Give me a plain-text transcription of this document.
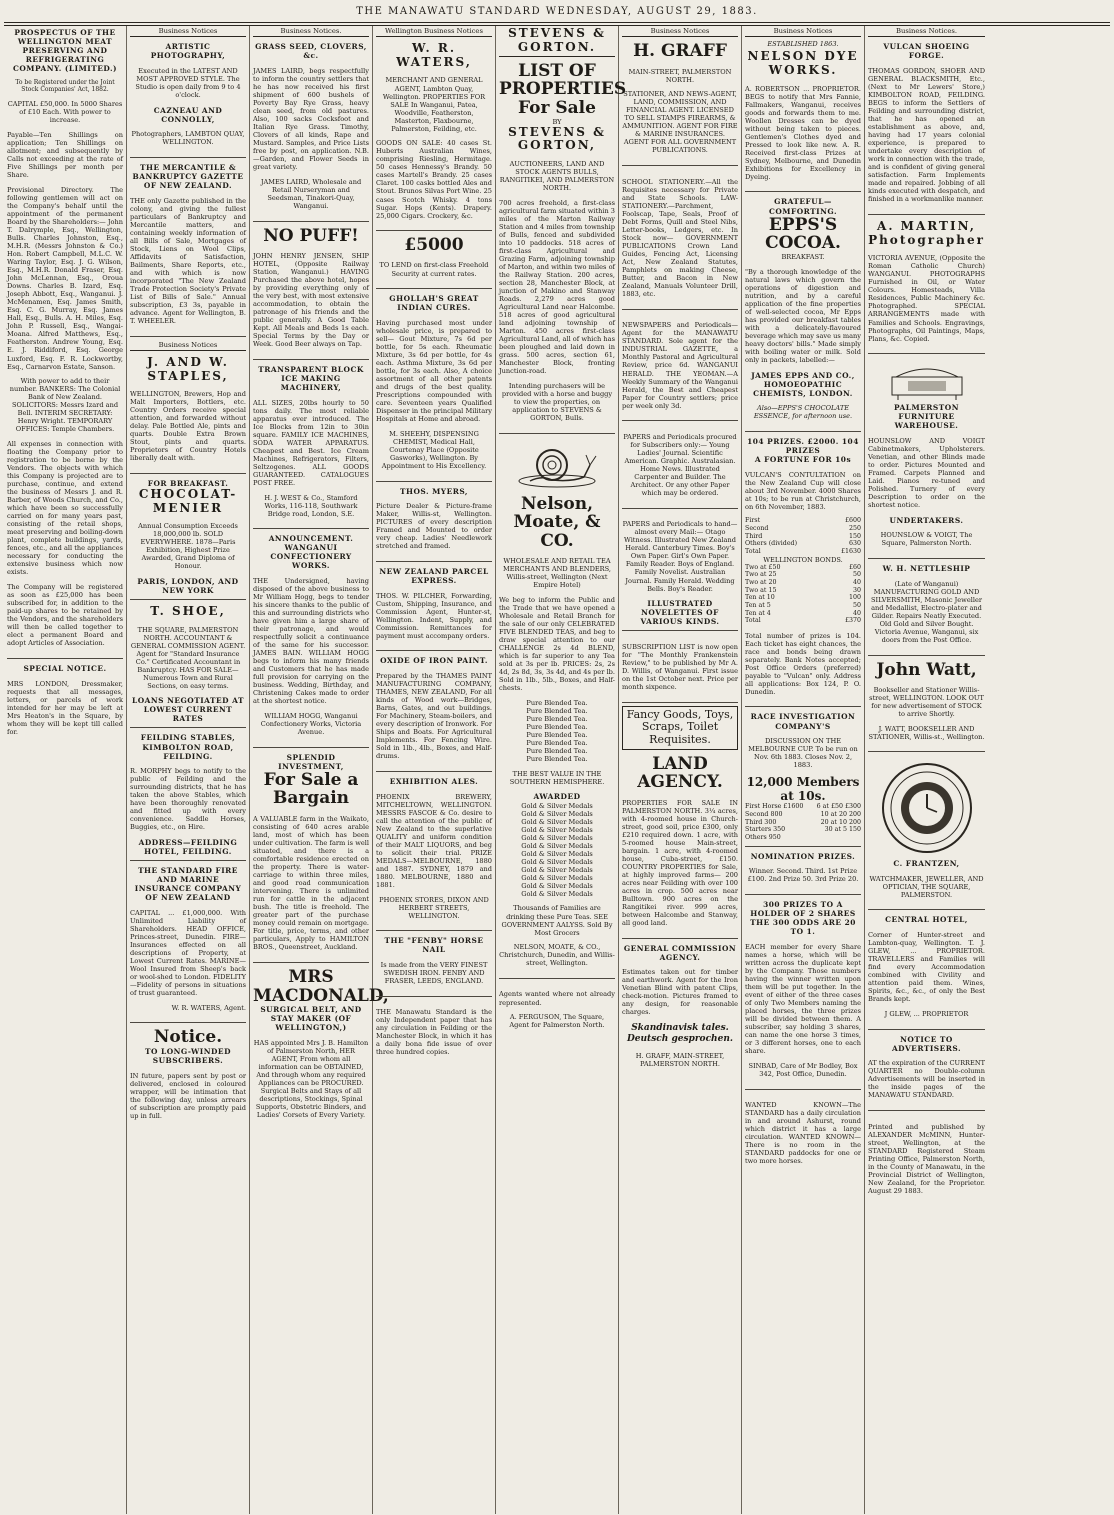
THE MANAWATU STANDARD WEDNESDAY, AUGUST 29, 1883.
PROSPECTUS OF THE WELLINGTON MEAT PRESERVING AND REFRIGERATING COMPANY. (LIMITED.)

To be Registered under the Joint Stock Companies' Act, 1882.

CAPITAL £50,000. In 5000 Shares of £10 Each. With power to increase.

Payable—Ten Shillings on application; Ten Shillings on allotment; and subsequently by Calls not exceeding at the rate of Five Shillings per month per Share.

Provisional Directory. The following gentlemen will act on the Company's behalf until the appointment of the permanent Board by the Shareholders:— John T. Dalrymple, Esq., Wellington, Bulls. Charles Johnston, Esq., M.H.R. (Messrs Johnston & Co.) Hon. Robert Campbell, M.L.C. W. Waring Taylor, Esq. J. G. Wilson, Esq., M.H.R. Donald Fraser, Esq. John McLennan, Esq., Oroua Downs. Charles B. Izard, Esq. Joseph Abbott, Esq., Wanganui. J. McMenamen, Esq. James Smith, Esq. C. G. Murray, Esq. James Hall, Esq., Bulls. A. H. Miles, Esq. John P. Russell, Esq., Wangai-Moana. Alfred Matthews, Esq., Featherston. Andrew Young, Esq. E. J. Riddiford, Esq. George Luxford, Esq. F. R. Lockwortby, Esq., Carnarvon Estate, Sanson.

With power to add to their number. BANKERS: The Colonial Bank of New Zealand. SOLICITORS: Messrs Izard and Bell. INTERIM SECRETARY: Henry Wright. TEMPORARY OFFICES: Temple Chambers.

All expenses in connection with floating the Company prior to registration to be borne by the Vendors. The objects with which this Company is projected are to purchase, continue, and extend the business of Messrs J. and R. Barber, of Woods Church, and Co., which have been so successfully carried on for many years past, consisting of the retail shops, meat preserving and boiling-down plant, complete buildings, yards, fences, etc., and all the appliances necessary for conducting the extensive business which now exists.

The Company will be registered as soon as £25,000 has been subscribed for, in addition to the paid-up shares to be retained by the Vendors, and the shareholders will then be called together to elect a permanent Board and adopt Articles of Association.

SPECIAL NOTICE.

MRS LONDON, Dressmaker, requests that all messages, letters, or parcels of work intended for her may be left at Mrs Heaton's in the Square, by whom they will be kept till called for.

Business Notices
ARTISTIC PHOTOGRAPHY,

Executed in the LATEST AND MOST APPROVED STYLE. The Studio is open daily from 9 to 4 o'clock.

CAZNEAU AND CONNOLLY,

Photographers, LAMBTON QUAY, WELLINGTON.

THE MERCANTILE & BANKRUPTCY GAZETTE OF NEW ZEALAND.

THE only Gazette published in the colony, and giving the fullest particulars of Bankruptcy and Mercantile matters, and containing weekly information of all Bills of Sale, Mortgages of Stock, Liens on Wool Clips, Affidavits of Satisfaction, Bailments, Share Reports, etc., and with which is now incorporated "The New Zealand Trade Protection Society's Private List of Bills of Sale." Annual subscription, £3 3s, payable in advance. Agent for Wellington, B. T. WHEELER.

Business Notices
J. AND W. STAPLES,

WELLINGTON, Brewers, Hop and Malt Importers, Bottlers, etc. Country Orders receive special attention, and forwarded without delay. Pale Bottled Ale, pints and quarts. Double Extra Brown Stout, pints and quarts. Proprietors of Country Hotels liberally dealt with.

FOR BREAKFAST.
CHOCOLAT-MENIER

Annual Consumption Exceeds 18,000,000 lb. SOLD EVERYWHERE. 1878—Paris Exhibition, Highest Prize Awarded, Grand Diploma of Honour.

PARIS, LONDON, AND NEW YORK
T. SHOE,

THE SQUARE, PALMERSTON NORTH. ACCOUNTANT & GENERAL COMMISSION AGENT. Agent for "Standard Insurance Co." Certificated Accountant in Bankruptcy. HAS FOR SALE—Numerous Town and Rural Sections, on easy terms.

LOANS NEGOTIATED AT LOWEST CURRENT RATES
FEILDING STABLES, KIMBOLTON ROAD, FEILDING.

R. MORPHY begs to notify to the public of Feilding and the surrounding districts, that he has taken the above Stables, which have been thoroughly renovated and fitted up with every convenience. Saddle Horses, Buggies, etc., on Hire.

ADDRESS—FEILDING HOTEL, FEILDING.
THE STANDARD FIRE AND MARINE INSURANCE COMPANY OF NEW ZEALAND

CAPITAL ... £1,000,000. With Unlimited Liability of Shareholders. HEAD OFFICE, Princes-street, Dunedin. FIRE—Insurances effected on all descriptions of Property, at Lowest Current Rates. MARINE—Wool Insured from Sheep's back or wool-shed to London. FIDELITY—Fidelity of persons in situations of trust guaranteed.

W. R. WATERS, Agent.

Notice.
TO LONG-WINDED SUBSCRIBERS.

IN future, papers sent by post or delivered, enclosed in coloured wrapper, will be intimation that the following day, unless arrears of subscription are promptly paid up in full.

Business Notices.
GRASS SEED, CLOVERS, &c.

JAMES LAIRD, begs respectfully to inform the country settlers that he has now received his first shipment of 600 bushels of Poverty Bay Rye Grass, heavy clean seed, from old pastures. Also, 100 sacks Cocksfoot and Italian Rye Grass. Timothy, Clovers of all kinds, Rape and Mustard. Samples, and Price Lists free by post, on application. N.B.—Garden, and Flower Seeds in great variety.

JAMES LAIRD, Wholesale and Retail Nurseryman and Seedsman, Tinakori-Quay, Wanganui.

NO PUFF!

JOHN HENRY JENSEN, SHIP HOTEL, (Opposite Railway Station, Wanganui.) HAVING Purchased the above hotel, hopes by providing everything only of the very best, with most extensive accommodation, to obtain the patronage of his friends and the public generally. A Good Table Kept. All Meals and Beds 1s each. Special Terms by the Day or Week. Good Beer always on Tap.

TRANSPARENT BLOCK ICE MAKING MACHINERY,

ALL SIZES, 20lbs hourly to 50 tons daily. The most reliable apparatus ever introduced. The Ice Blocks from 12in to 30in square. FAMILY ICE MACHINES, SODA WATER APPARATUS. Cheapest and Best. Ice Cream Machines, Refrigerators, Filters, Seltzogenes. ALL GOODS GUARANTEED. CATALOGUES POST FREE.

H. J. WEST & Co., Stamford Works, 116-118, Southwark Bridge road, London, S.E.

ANNOUNCEMENT.
WANGANUI CONFECTIONERY WORKS.

THE Undersigned, having disposed of the above business to Mr William Hogg, begs to tender his sincere thanks to the public of this and surrounding districts who have given him a large share of their patronage, and would respectfully solicit a continuance of the same for his successor. JAMES BAIN. WILLIAM HOGG begs to inform his many friends and Customers that he has made full provision for carrying on the business. Wedding, Birthday, and Christening Cakes made to order at the shortest notice.

WILLIAM HOGG, Wanganui Confectionery Works, Victoria Avenue.

SPLENDID INVESTMENT,
For Sale a Bargain

A VALUABLE farm in the Waikato, consisting of 640 acres arable land, most of which has been under cultivation. The farm is well situated, and there is a comfortable residence erected on the property. There is water-carriage to within three miles, and good road communication intervening. There is unlimited run for cattle in the adjacent bush. The title is freehold. The greater part of the purchase money could remain on mortgage. For title, price, terms, and other particulars, Apply to HAMILTON BROS., Queenstreet, Auckland.

MRS MACDONALD,
SURGICAL BELT, AND STAY MAKER (OF WELLINGTON,)

HAS appointed Mrs J. B. Hamilton of Palmerston North, HER AGENT, From whom all information can be OBTAINED, And through whom any required Appliances can be PROCURED. Surgical Belts and Stays of all descriptions, Stockings, Spinal Supports, Obstetric Binders, and Ladies' Corsets of Every Variety.

Wellington Business Notices
W. R. WATERS,

MERCHANT AND GENERAL AGENT, Lambton Quay, Wellington. PROPERTIES FOR SALE In Wanganui, Patea, Woodville, Featherston, Masterton, Flaxbourne, Palmerston, Feilding, etc.

GOODS ON SALE: 40 cases St. Huberts Australian Wines, comprising Riesling, Hermitage. 50 cases Hennessy's Brandy. 50 cases Martell's Brandy. 25 cases Claret. 100 casks bottled Ales and Stout. Brunos Silvas Port Wine. 25 cases Scotch Whisky. 4 tons Sugar. Hops (Kents). Drapery. 25,000 Cigars. Crockery, &c.

£5000

TO LEND on first-class Freehold Security at current rates.

GHOLLAH'S GREAT INDIAN CURES.

Having purchased most under wholesale price, is prepared to sell— Gout Mixture, 7s 6d per bottle, for 5s each. Rheumatic Mixture, 3s 6d per bottle, for 4s each. Asthma Mixture, 3s 6d per bottle, for 3s each. Also, A choice assortment of all other patents and drugs of the best quality. Prescriptions compounded with care. Seventeen years Qualified Dispenser in the principal Military Hospitals at Home and abroad.

M. SHEEHY, DISPENSING CHEMIST, Medical Hall, Courtenay Place (Opposite Gasworks), Wellington. By Appointment to His Excellency.

THOS. MYERS,

Picture Dealer & Picture-frame Maker, Willis-st, Wellington. PICTURES of every description Framed and Mounted to order very cheap. Ladies' Needlework stretched and framed.

NEW ZEALAND PARCEL EXPRESS.

THOS. W. PILCHER, Forwarding, Custom, Shipping, Insurance, and Commission Agent, Hunter-st, Wellington. Indent, Supply, and Commission. Remittances for payment must accompany orders.

OXIDE OF IRON PAINT.

Prepared by the THAMES PAINT MANUFACTURING COMPANY, THAMES, NEW ZEALAND, For all kinds of Wood work—Bridges, Barns, Gates, and out buildings. For Machinery, Steam-boilers, and every description of Ironwork. For Ships and Boats. For Agricultural Implements. For Fencing Wire. Sold in 1lb., 4lb., Boxes, and Half-drums.

EXHIBITION ALES.

PHOENIX BREWERY, MITCHELTOWN, WELLINGTON. MESSRS FASCOE & Co. desire to call the attention of the public of New Zealand to the superlative QUALITY and uniform condition of their MALT LIQUORS, and beg to solicit their trial. PRIZE MEDALS—MELBOURNE, 1880 and 1887. SYDNEY, 1879 and 1880. MELBOURNE, 1880 and 1881.

PHOENIX STORES, DIXON AND HERBERT STREETS, WELLINGTON.

THE "FENBY" HORSE NAIL

Is made from the VERY FINEST SWEDISH IRON. FENBY AND FRASER, LEEDS, ENGLAND.

THE Manawatu Standard is the only Independent paper that has any circulation in Feilding or the Manchester Block, in which it has a daily bona fide issue of over three hundred copies.

STEVENS & GORTON.
LIST OF PROPERTIES For Sale
BY
STEVENS & GORTON,

AUCTIONEERS, LAND AND STOCK AGENTS BULLS, RANGITIKEI, AND PALMERSTON NORTH.

700 acres freehold, a first-class agricultural farm situated within 3 miles of the Marton Railway Station and 4 miles from township of Bulls, fenced and subdivided into 10 paddocks. 518 acres of first-class Agricultural and Grazing Farm, adjoining township of Marton, and within two miles of the Railway Station. 200 acres, section 28, Manchester Block, at junction of Makino and Stanway Roads. 2,279 acres good Agricultural Land near Halcombe. 518 acres of good agricultural land adjoining township of Marton. 450 acres first-class Agricultural Land, all of which has been ploughed and laid down in grass. 500 acres, section 61, Manchester Block, fronting Junction-road.

Intending purchasers will be provided with a horse and buggy to view the properties, on application to STEVENS & GORTON, Bulls.

Nelson, Moate, & CO.

WHOLESALE AND RETAIL TEA MERCHANTS AND BLENDERS, Willis-street, Wellington (Next Empire Hotel)

We beg to inform the Public and the Trade that we have opened a Wholesale and Retail Branch for the sale of our only CELEBRATED FIVE BLENDED TEAS, and beg to draw special attention to our CHALLENGE 2s 4d BLEND, which is far superior to any Tea sold at 3s per lb. PRICES: 2s, 2s 4d, 2s 8d, 3s, 3s 4d, and 4s per lb. Sold in 1lb., 5lb., Boxes, and Half-chests.

Pure Blended Tea.
Pure Blended Tea.
Pure Blended Tea.
Pure Blended Tea.
Pure Blended Tea.
Pure Blended Tea.
Pure Blended Tea.
Pure Blended Tea.

THE BEST VALUE IN THE SOUTHERN HEMISPHERE.

AWARDED
Gold & Silver Medals
Gold & Silver Medals
Gold & Silver Medals
Gold & Silver Medals
Gold & Silver Medals
Gold & Silver Medals
Gold & Silver Medals
Gold & Silver Medals
Gold & Silver Medals
Gold & Silver Medals
Gold & Silver Medals
Gold & Silver Medals

Thousands of Families are drinking these Pure Teas. SEE GOVERNMENT AALYSS. Sold By Most Grocers

NELSON, MOATE, & CO., Christchurch, Dunedin, and Willis-street, Wellington.

Agents wanted where not already represented.

A. FERGUSON, The Square, Agent for Palmerston North.

Business Notices
H. GRAFF

MAIN-STREET, PALMERSTON NORTH.

STATIONER, AND NEWS-AGENT, LAND, COMMISSION, AND FINANCIAL AGENT. LICENSED TO SELL STAMPS FIREARMS, & AMMUNITION. AGENT FOR FIRE & MARINE INSURANCES. AGENT FOR ALL GOVERNMENT PUBLICATIONS.

SCHOOL STATIONERY.—All the Requisites necessary for Private and State Schools. LAW-STATIONERY.—Parchment, Foolscap, Tape, Seals, Proof of Debt Forms, Quill and Steel Nibs, Letter-books, Ledgers, etc. In Stock now— GOVERNMENT PUBLICATIONS Crown Land Guides, Fencing Act, Licensing Act, New Zealand Statutes, Pamphlets on making Cheese, Butter, and Bacon in New Zealand, Manuals Volunteer Drill, 1883, etc.

NEWSPAPERS and Periodicals—Agent for the MANAWATU STANDARD. Sole agent for the INDUSTRIAL GAZETTE, a Monthly Pastoral and Agricultural Review, price 6d. WANGANUI HERALD. THE YEOMAN.—A Weekly Summary of the Wanganui Herald, the Best and Cheapest Paper for Country settlers; price per week only 3d.

PAPERS and Periodicals procured for Subscribers only:— Young Ladies' Journal. Scientific American. Graphic. Australasian. Home News. Illustrated Carpenter and Builder. The Architect. Or any other Paper which may be ordered.

PAPERS and Periodicals to hand—almost every Mail:— Otago Witness. Illustrated New Zealand Herald. Canterbury Times. Boy's Own Paper. Girl's Own Paper. Family Reader. Boys of England. Family Novelist. Australian Journal. Family Herald. Wedding Bells. Boy's Reader.

ILLUSTRATED NOVELETTES OF VARIOUS KINDS.

SUBSCRIPTION LIST is now open for "The Monthly Frankenstein Review," to be published by Mr A. D. Willis, of Wanganui. First issue on the 1st October next. Price per month sixpence.

Fancy Goods, Toys, Scraps, Toilet Requisites.
LAND AGENCY.

PROPERTIES FOR SALE IN PALMERSTON NORTH. 3¼ acres, with 4-roomed house in Church-street, good soil, price £300, only £210 required down. 1 acre, with 5-roomed house Main-street, bargain. 1 acre, with 4-roomed house, Cuba-street, £150. COUNTRY PROPERTIES for Sale, at highly improved farms— 200 acres near Feilding with over 100 acres in crop. 500 acres near Bulltown. 900 acres on the Rangitikei river. 999 acres, between Halcombe and Stanway, all good land.

GENERAL COMMISSION AGENCY.

Estimates taken out for timber and earthwork. Agent for the Iron Venetian Blind with patent Clips, check-motion. Pictures framed to any design, for reasonable charges.

Skandinavisk tales. Deutsch gesprochen.

H. GRAFF, MAIN-STREET, PALMERSTON NORTH.

Business Notices
ESTABLISHED 1863.
NELSON DYE WORKS.

A. ROBERTSON ... PROPRIETOR. BEGS to notify that Mrs Fannie, Fallmakers, Wanganui, receives goods and forwards them to me. Woollen Dresses can be dyed without being taken to pieces. Gentlemen's Clothes dyed and Pressed to look like new. A. R. Received first-class Prizes at Sydney, Melbourne, and Dunedin Exhibitions for Excellency in Dyeing.

GRATEFUL—COMFORTING.
EPPS'S COCOA.
BREAKFAST.

"By a thorough knowledge of the natural laws which govern the operations of digestion and nutrition, and by a careful application of the fine properties of well-selected cocoa, Mr Epps has provided our breakfast tables with a delicately-flavoured beverage which may save us many heavy doctors' bills." Made simply with boiling water or milk. Sold only in packets, labelled:—

JAMES EPPS AND CO., HOMOEOPATHIC CHEMISTS, LONDON.

Also—EPPS'S CHOCOLATE ESSENCE, for afternoon use.

104 PRIZES. £2000. 104 PRIZES
A FORTUNE FOR 10s

VULCAN'S CONTULTATION on the New Zealand Cup will close about 3rd November. 4000 Shares at 10s; to be run at Christchurch, on 6th November, 1883.

First	£600
Second	250
Third	150
Others (divided)	630
Total	£1630
WELLINGTON BONDS.
Two at £50	£60
Two at 25	50
Two at 20	40
Two at 15	30
Ten at 10	100
Ten at 5	50
Ten at 4	40
Total	£370

Total number of prizes is 104. Each ticket has eight chances, the race and bonds being drawn separately. Bank Notes accepted; Post Office Orders (preferred) payable to "Vulcan" only. Address all applications: Box 124, P. O. Dunedin.

RACE INVESTIGATION COMPANY'S

DISCUSSION ON THE MELBOURNE CUP. To be run on Nov. 6th 1883. Closes Nov. 2, 1883.

12,000 Members at 10s.
First Horse £1600 6 at £50 £300
Second 800	10 at 20 200
Third 300	20 at 10 200
Starters 350	30 at 5 150
Others 950
NOMINATION PRIZES.

Winner. Second. Third. 1st Prize £100. 2nd Prize 50. 3rd Prize 20.

300 PRIZES TO A HOLDER OF 2 SHARES THE 300 ODDS ARE 20 TO 1.

EACH member for every Share names a horse, which will be written across the duplicate kept by the Company. Those numbers having the winner written upon them will be put together. In the event of either of the three cases of only Two Members naming the placed horses, the three prizes will be divided between them. A subscriber, say holding 3 shares, can name the one horse 3 times, or 3 different horses, one to each share.

SINBAD, Care of Mr Bodley, Box 342, Post Office, Dunedin.

WANTED KNOWN—The STANDARD has a daily circulation in and around Ashurst, round which district it has a large circulation. WANTED KNOWN—There is no room in the STANDARD paddocks for one or two more horses.

Business Notices.
VULCAN SHOEING FORGE.

THOMAS GORDON, SHOER AND GENERAL BLACKSMITH, Etc., (Next to Mr Lewers' Store,) KIMBOLTON ROAD, FEILDING. BEGS to inform the Settlers of Feilding and surrounding district, that he has opened an establishment as above, and, having had 17 years colonial experience, is prepared to undertake every description of work in connection with the trade, and is confident of giving general satisfaction. Farm Implements made and repaired. Jobbing of all kinds executed with despatch, and finished in a workmanlike manner.

A. MARTIN, Photographer

VICTORIA AVENUE, (Opposite the Roman Catholic Church) WANGANUI. PHOTOGRAPHS Furnished in Oil, or Water Colours. Homesteads, Villa Residences, Public Machinery &c. Photographed. SPECIAL ARRANGEMENTS made with Families and Schools. Engravings, Photographs, Oil Paintings, Maps, Plans, &c. Copied.

PALMERSTON FURNITURE WAREHOUSE.

HOUNSLOW AND VOIGT Cabinetmakers, Upholsterers. Venetian, and other Blinds made to order. Pictures Mounted and Framed. Carpets Planned and Laid. Pianos re-tuned and Polished. Turnery of every Description to order on the shortest notice.

UNDERTAKERS.

HOUNSLOW & VOIGT, The Square, Palmerston North.

W. H. NETTLESHIP

(Late of Wanganui) MANUFACTURING GOLD AND SILVERSMITH, Masonic Jeweller and Medallist, Electro-plater and Gilder. Repairs Neatly Executed. Old Gold and Silver Bought. Victoria Avenue, Wanganui, six doors from the Post Office.

John Watt,

Bookseller and Stationer Willis-street, WELLINGTON. LOOK OUT for new advertisement of STOCK to arrive Shortly.

J. WATT, BOOKSELLER AND STATIONER, Willis-st., Wellington.

C. FRANTZEN,

WATCHMAKER, JEWELLER, AND OPTICIAN, THE SQUARE, PALMERSTON.

CENTRAL HOTEL,

Corner of Hunter-street and Lambton-quay, Wellington. T. J. GLEW, ... PROPRIETOR. TRAVELLERS and Families will find every Accommodation combined with Civility and attention paid them. Wines, Spirits, &c., &c., of only the Best Brands kept.

J GLEW, ... PROPRIETOR

NOTICE TO ADVERTISERS.

AT the expiration of the CURRENT QUARTER no Double-column Advertisements will be inserted in the inside pages of the MANAWATU STANDARD.

Printed and published by ALEXANDER McMINN, Hunter-street, Wellington, at the STANDARD Registered Steam Printing Office, Palmerston North, in the County of Manawatu, in the Provincial District of Wellington, New Zealand, for the Proprietor. August 29 1883.
